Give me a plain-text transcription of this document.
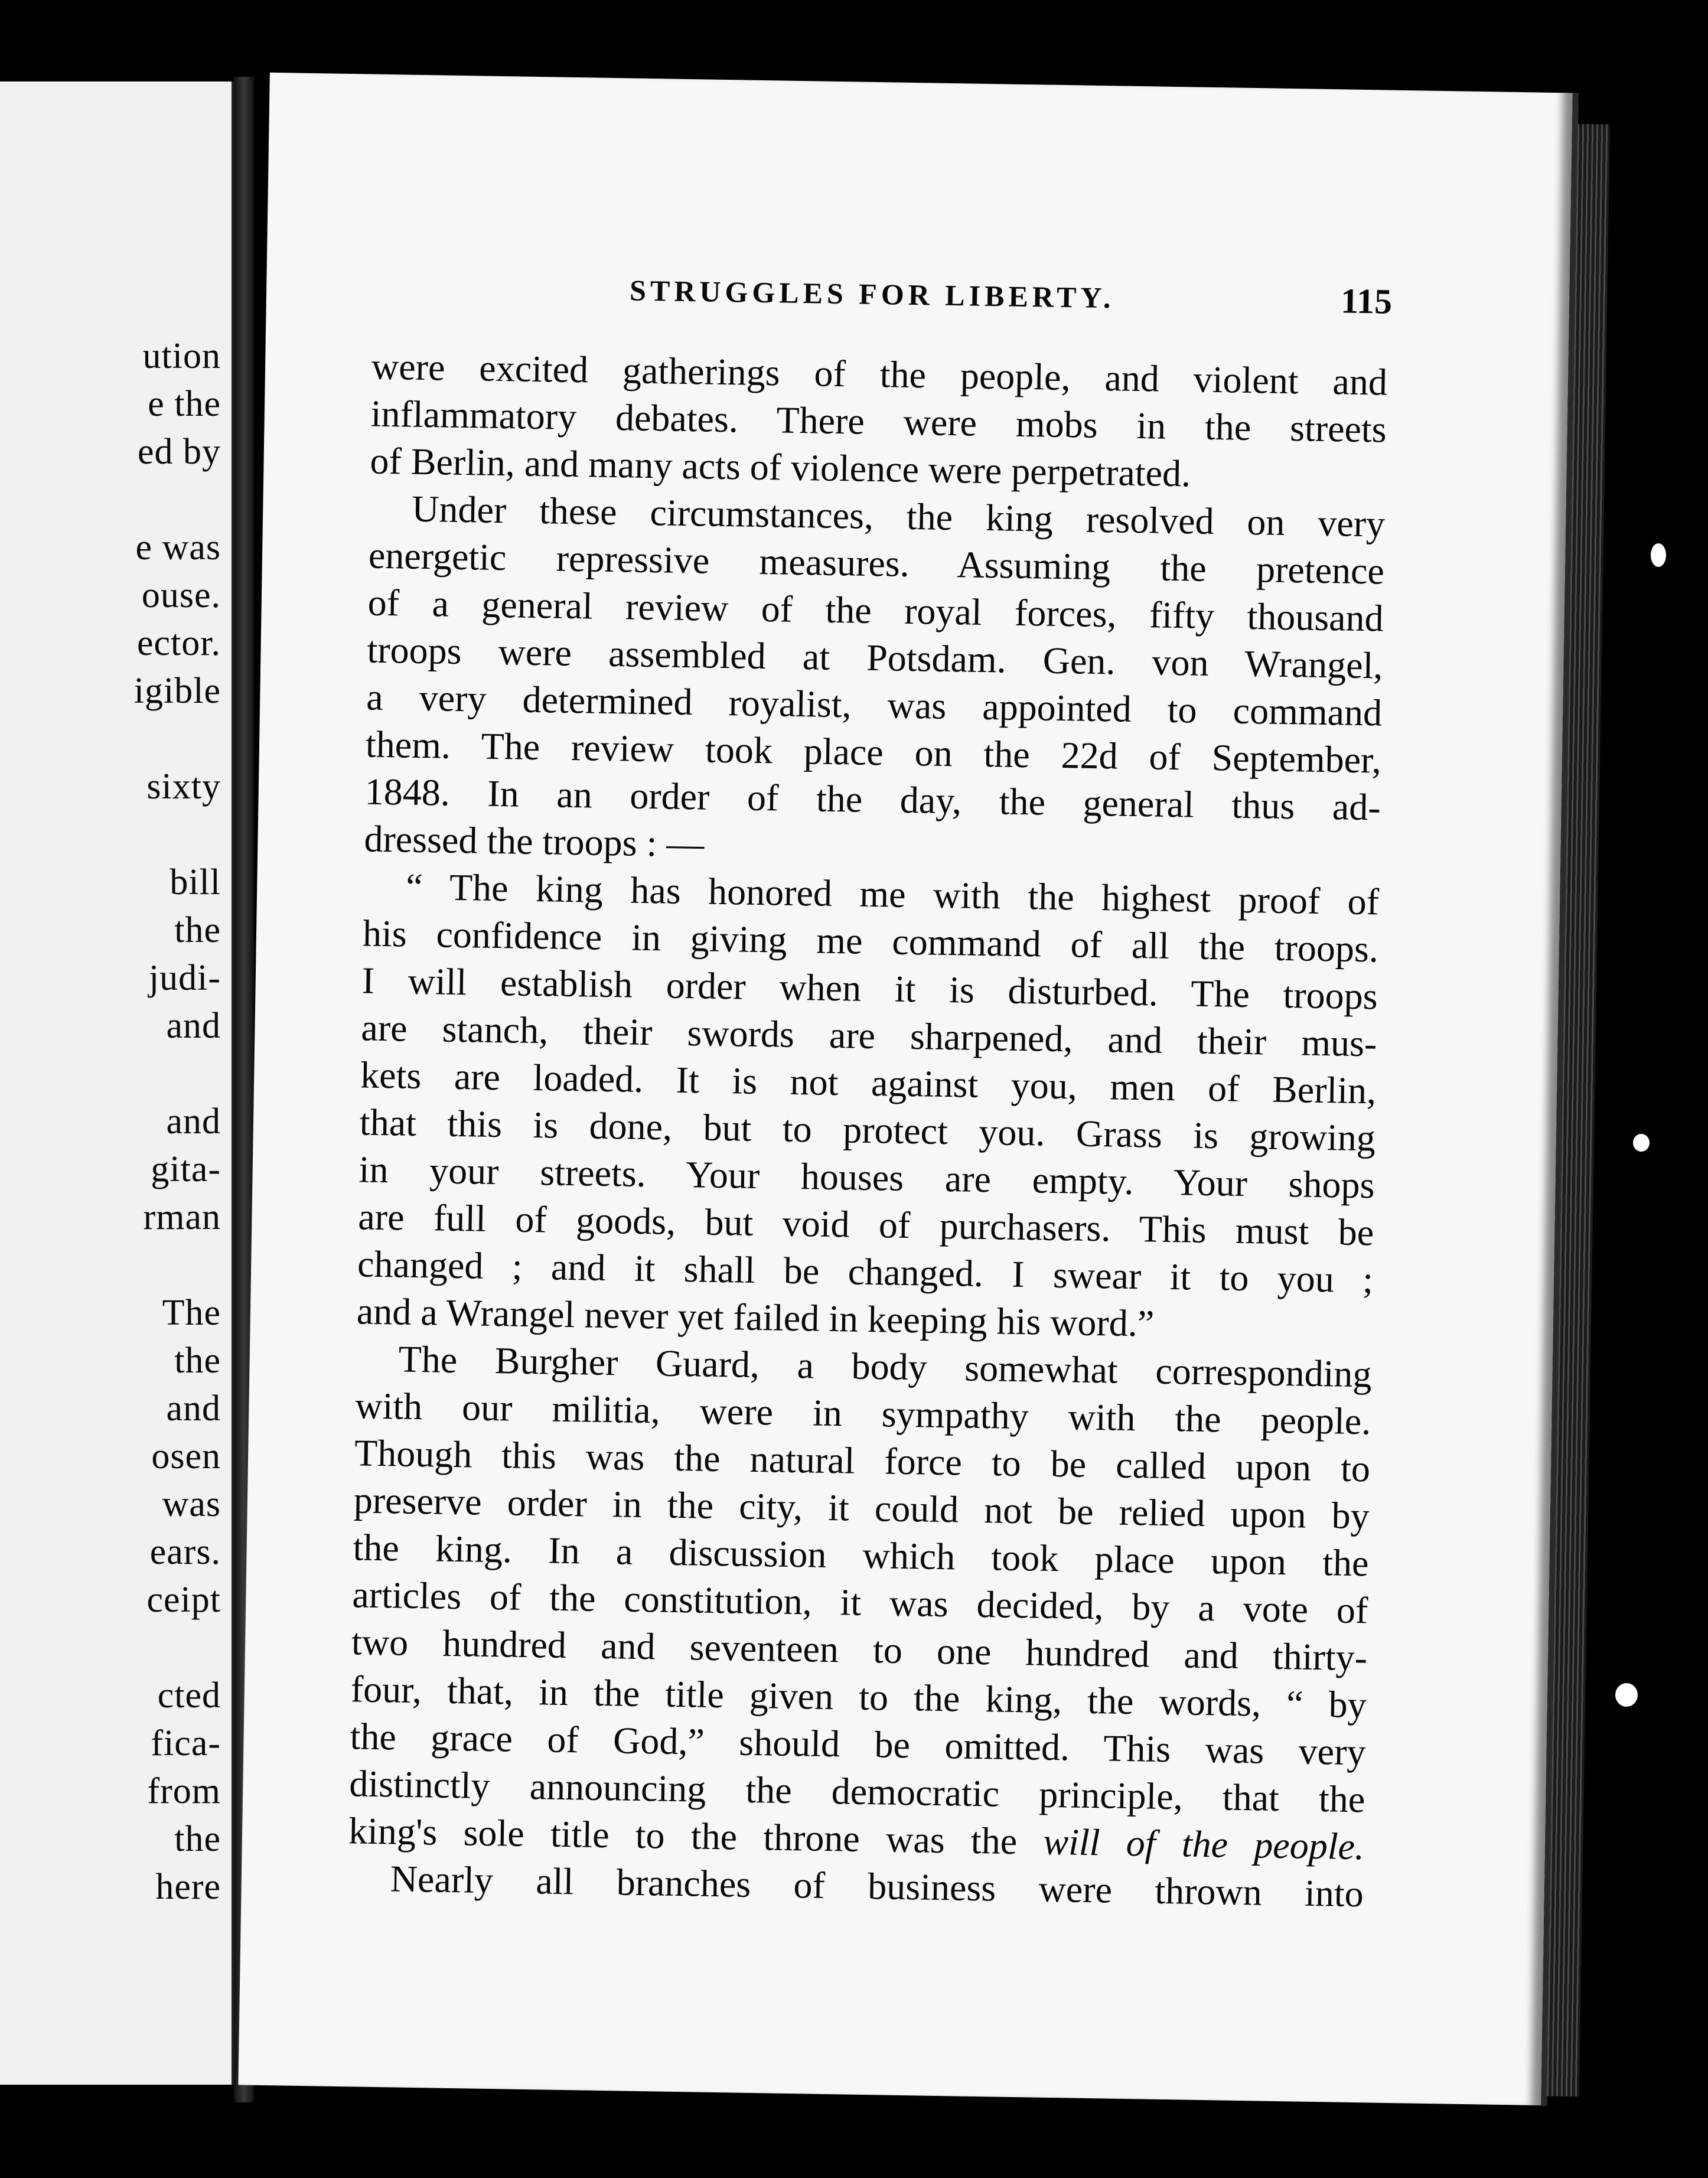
ution
e the
ed by
e was
ouse.
ector.
igible
sixty
bill
the
judi-
and
and
gita-
rman
The
the
and
osen
was
ears.
ceipt
cted
fica-
from
the
here
STRUGGLES FOR LIBERTY.	115
were excited gatherings of the people, and violent and
inflammatory debates. There were mobs in the streets
of Berlin, and many acts of violence were perpetrated.
Under these circumstances, the king resolved on very
energetic repressive measures. Assuming the pretence
of a general review of the royal forces, fifty thousand
troops were assembled at Potsdam. Gen. von Wrangel,
a very determined royalist, was appointed to command
them. The review took place on the 22d of September,
1848. In an order of the day, the general thus ad-
dressed the troops : —
“ The king has honored me with the highest proof of
his confidence in giving me command of all the troops.
I will establish order when it is disturbed. The troops
are stanch, their swords are sharpened, and their mus-
kets are loaded. It is not against you, men of Berlin,
that this is done, but to protect you. Grass is growing
in your streets. Your houses are empty. Your shops
are full of goods, but void of purchasers. This must be
changed ; and it shall be changed. I swear it to you ;
and a Wrangel never yet failed in keeping his word.”
The Burgher Guard, a body somewhat corresponding
with our militia, were in sympathy with the people.
Though this was the natural force to be called upon to
preserve order in the city, it could not be relied upon by
the king. In a discussion which took place upon the
articles of the constitution, it was decided, by a vote of
two hundred and seventeen to one hundred and thirty-
four, that, in the title given to the king, the words, “ by
the grace of God,” should be omitted. This was very
distinctly announcing the democratic principle, that the
king's sole title to the throne was the will of the people.
Nearly all branches of business were thrown into
